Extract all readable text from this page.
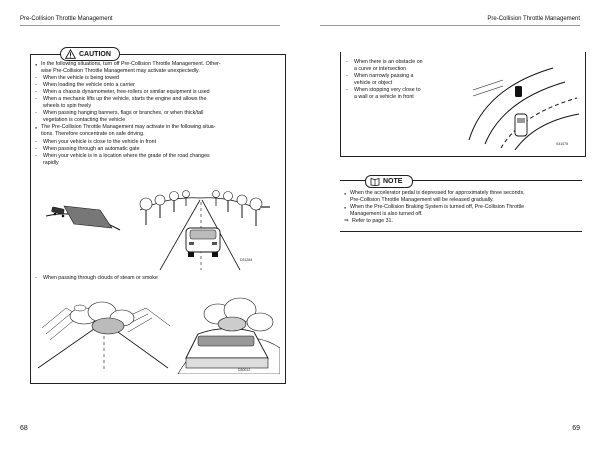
Pre-Collision Throttle Management	Pre-Collision Throttle Management
CAUTION
● In the following situations, turn off Pre-Collision Throttle Management. Other-
wise Pre-Collision Throttle Management may activate unexpectedly.
- When the vehicle is being towed
- When loading the vehicle onto a carrier
- When a chassis dynamometer, free-rollers or similar equipment is used
- When a mechanic lifts up the vehicle, starts the engine and allows the
wheels to spin freely
- When passing hanging banners, flags or branches, or when thick/tall
vegetation is contacting the vehicle
● The Pre-Collision Throttle Management may activate in the following situa-
tions. Therefore concentrate on safe driving.
- When your vehicle is close to the vehicle in front
- When passing through an automatic gate
- When your vehicle is in a location where the grade of the road changes
rapidly
D31284
- When passing through clouds of steam or smoke
D30012
- When there is an obstacle on
a curve or intersection
- When narrowly passing a
vehicle or object
- When stopping very close to
a wall or a vehicle in front
S41075
NOTE
● When the accelerator pedal is depressed for approximately three seconds,
Pre-Collision Throttle Management will be released gradually.
● When the Pre-Collision Braking System is turned off, Pre-Collision Throttle
Management is also turned off.
⇒ Refer to page 31.
68	69
